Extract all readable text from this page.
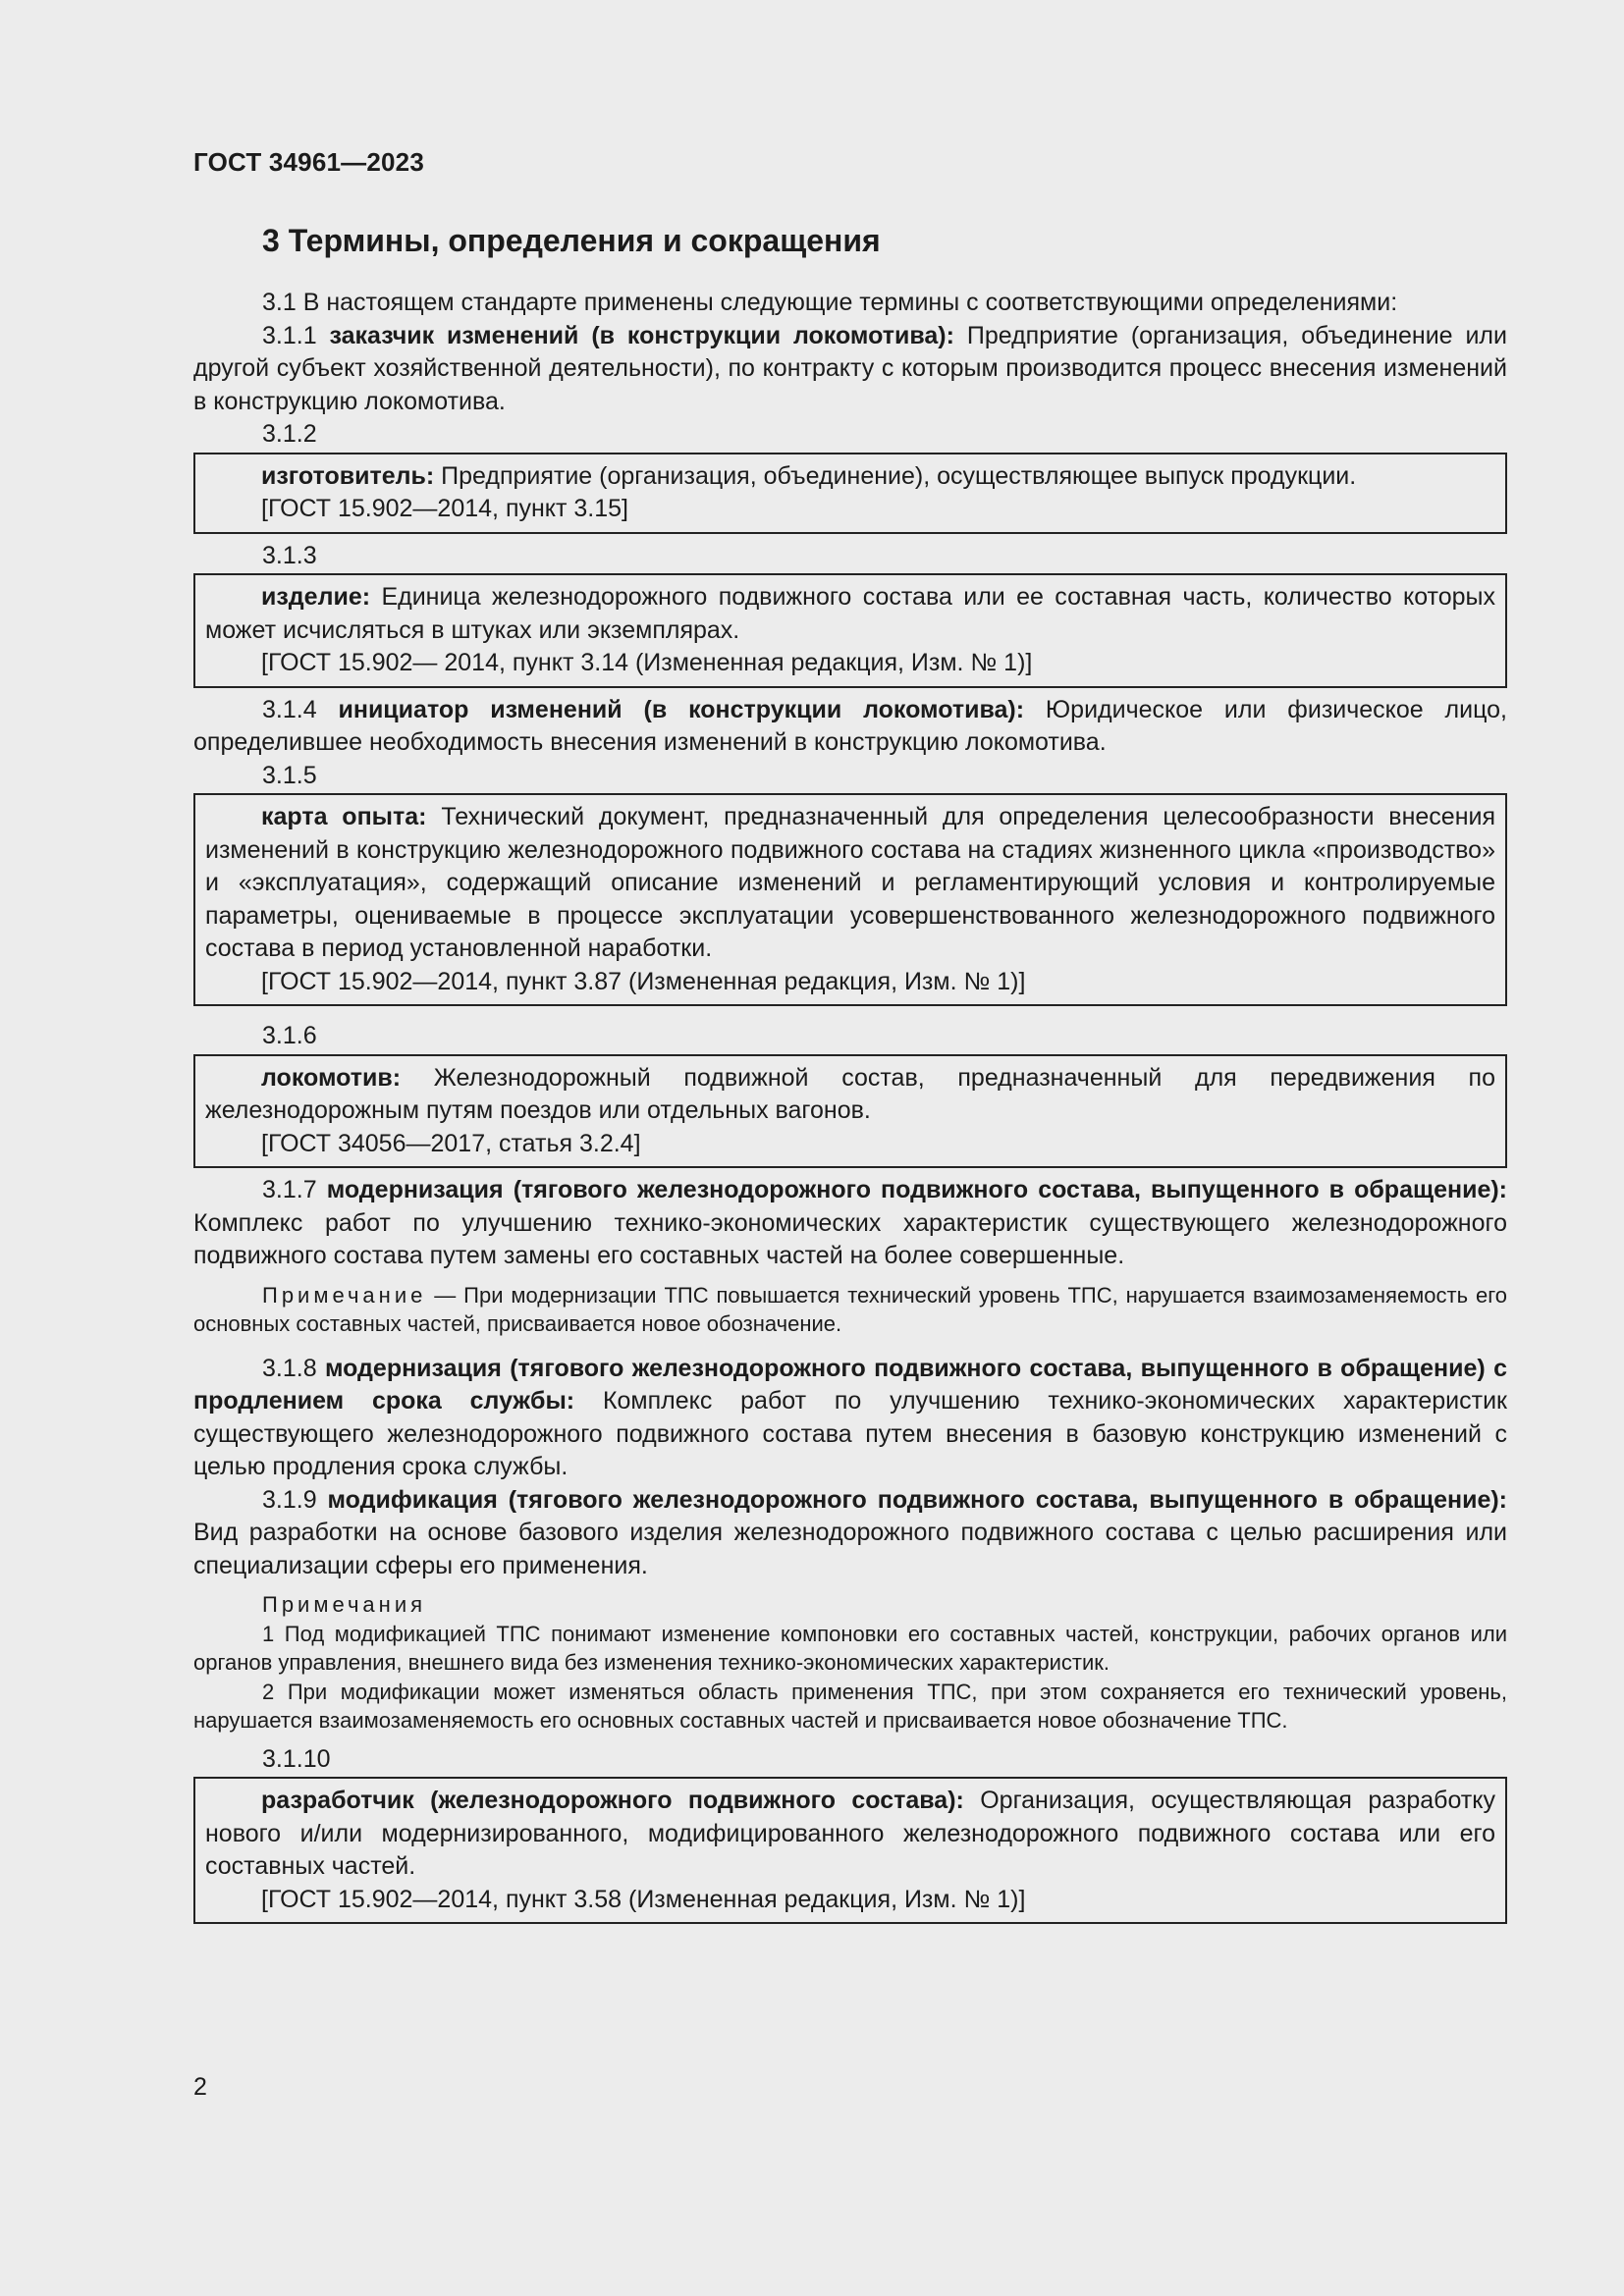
ГОСТ 34961—2023
3 Термины, определения и сокращения

3.1 В настоящем стандарте применены следующие термины с соответствующими определениями:

3.1.1 заказчик изменений (в конструкции локомотива): Предприятие (организация, объединение или другой субъект хозяйственной деятельности), по контракту с которым производится процесс внесения изменений в конструкцию локомотива.

3.1.2

изготовитель: Предприятие (организация, объединение), осуществляющее выпуск продукции.

[ГОСТ 15.902—2014, пункт 3.15]
3.1.3

изделие: Единица железнодорожного подвижного состава или ее составная часть, количество которых может исчисляться в штуках или экземплярах.

[ГОСТ 15.902— 2014, пункт 3.14 (Измененная редакция, Изм. № 1)]

3.1.4 инициатор изменений (в конструкции локомотива): Юридическое или физическое лицо, определившее необходимость внесения изменений в конструкцию локомотива.

3.1.5

карта опыта: Технический документ, предназначенный для определения целесообразности внесения изменений в конструкцию железнодорожного подвижного состава на стадиях жизненного цикла «производство» и «эксплуатация», содержащий описание изменений и регламентирующий условия и контролируемые параметры, оцениваемые в процессе эксплуатации усовершенствованного железнодорожного подвижного состава в период установленной наработки.

[ГОСТ 15.902—2014, пункт 3.87 (Измененная редакция, Изм. № 1)]
3.1.6

локомотив: Железнодорожный подвижной состав, предназначенный для передвижения по железнодорожным путям поездов или отдельных вагонов.

[ГОСТ 34056—2017, статья 3.2.4]

3.1.7 модернизация (тягового железнодорожного подвижного состава, выпущенного в обращение): Комплекс работ по улучшению технико-экономических характеристик существующего железнодорожного подвижного состава путем замены его составных частей на более совершенные.

Примечание — При модернизации ТПС повышается технический уровень ТПС, нарушается взаимозаменяемость его основных составных частей, присваивается новое обозначение.

3.1.8 модернизация (тягового железнодорожного подвижного состава, выпущенного в обращение) с продлением срока службы: Комплекс работ по улучшению технико-экономических характеристик существующего железнодорожного подвижного состава путем внесения в базовую конструкцию изменений с целью продления срока службы.

3.1.9 модификация (тягового железнодорожного подвижного состава, выпущенного в обращение): Вид разработки на основе базового изделия железнодорожного подвижного состава с целью расширения или специализации сферы его применения.

Примечания

1 Под модификацией ТПС понимают изменение компоновки его составных частей, конструкции, рабочих органов или органов управления, внешнего вида без изменения технико-экономических характеристик.

2 При модификации может изменяться область применения ТПС, при этом сохраняется его технический уровень, нарушается взаимозаменяемость его основных составных частей и присваивается новое обозначение ТПС.

3.1.10

разработчик (железнодорожного подвижного состава): Организация, осуществляющая разработку нового и/или модернизированного, модифицированного железнодорожного подвижного состава или его составных частей.

[ГОСТ 15.902—2014, пункт 3.58 (Измененная редакция, Изм. № 1)]
2
